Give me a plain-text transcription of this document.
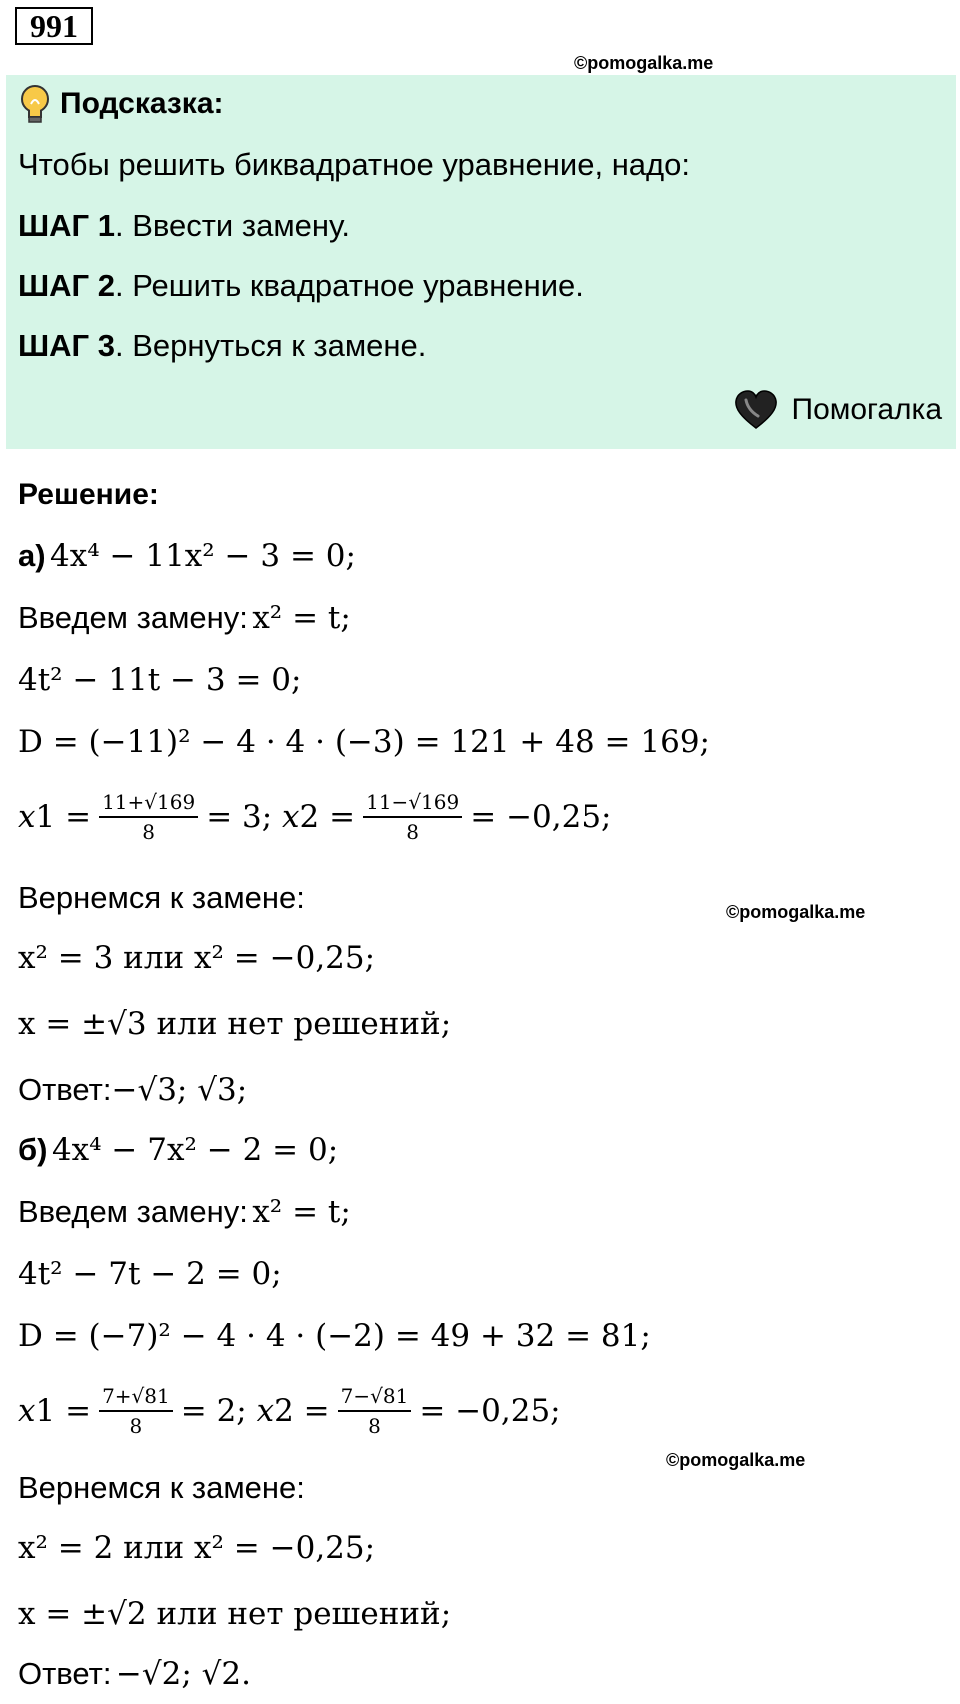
991
©pomogalka.me
Подсказка:
Чтобы решить биквадратное уравнение, надо:
ШАГ 1. Ввести замену.
ШАГ 2. Решить квадратное уравнение.
ШАГ 3. Вернуться к замене.
Помогалка
Решение:
а)
4x⁴ − 11x² − 3 = 0;
Введем замену:
x² = t;
4t² − 11t − 3 = 0;
D = (−11)² − 4 · 4 · (−3) = 121 + 48 = 169;
x $1 = \frac{11+√169}{8} = 3$; x $2 = \frac{11-√169}{8} = -0,25$;
Вернемся к замене:	©pomogalka.me
x² = 3 или x² = −0,25;
x = ±√3 или нет решений;
Ответ: −√3; √3;
б)
4x⁴ − 7x² − 2 = 0;
Введем замену:
x² = t;
4t² − 7t − 2 = 0;
D = (−7)² − 4 · 4 · (−2) = 49 + 32 = 81;
x $1 = \frac{7+√81}{8} = 2$; x $2 = \frac{7-√81}{8} = -0,25$;
©pomogalka.me
Вернемся к замене:
x² = 2 или x² = −0,25;
x = ±√2 или нет решений;
Ответ:
−√2; √2.
